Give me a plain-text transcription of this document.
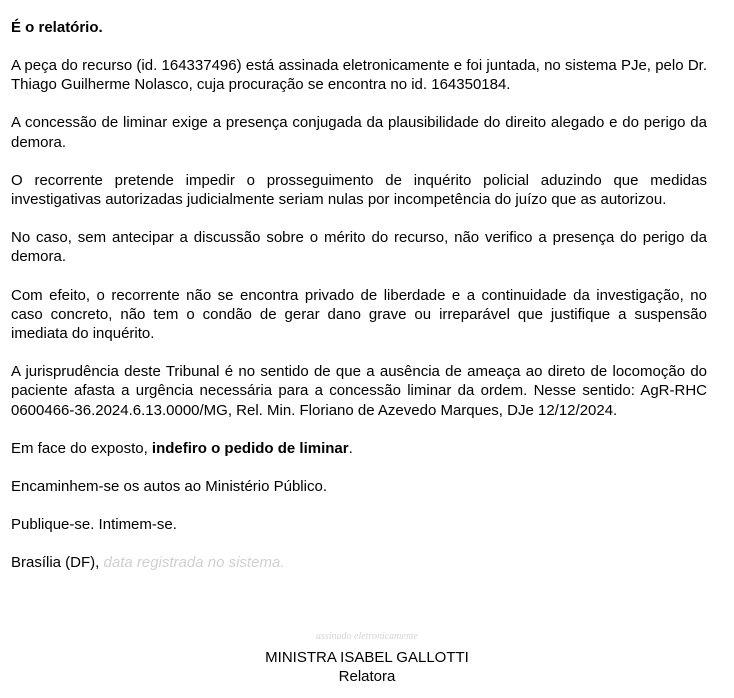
É o relatório.

A peça do recurso (id. 164337496) está assinada eletronicamente e foi juntada, no sistema PJe, pelo Dr. Thiago Guilherme Nolasco, cuja procuração se encontra no id. 164350184.

A concessão de liminar exige a presença conjugada da plausibilidade do direito alegado e do perigo da demora.

O recorrente pretende impedir o prosseguimento de inquérito policial aduzindo que medidas investigativas autorizadas judicialmente seriam nulas por incompetência do juízo que as autorizou.

No caso, sem antecipar a discussão sobre o mérito do recurso, não verifico a presença do perigo da demora.

Com efeito, o recorrente não se encontra privado de liberdade e a continuidade da investigação, no caso concreto, não tem o condão de gerar dano grave ou irreparável que justifique a suspensão imediata do inquérito.

A jurisprudência deste Tribunal é no sentido de que a ausência de ameaça ao direto de locomoção do paciente afasta a urgência necessária para a concessão liminar da ordem. Nesse sentido: AgR-RHC 0600466-36.2024.6.13.0000/MG, Rel. Min. Floriano de Azevedo Marques, DJe 12/12/2024.

Em face do exposto, indefiro o pedido de liminar.

Encaminhem-se os autos ao Ministério Público.

Publique-se. Intimem-se.

Brasília (DF), data registrada no sistema.

assinado eletronicamente
MINISTRA ISABEL GALLOTTI
Relatora
